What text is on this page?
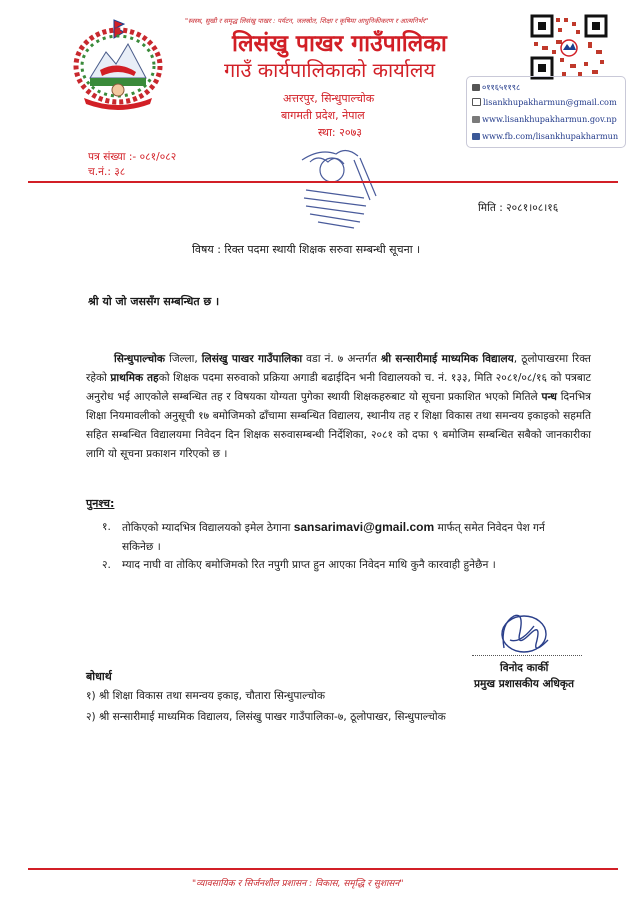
"स्वस्थ, सुखी र समृद्ध लिसंखु पाखर : पर्यटन, जलस्रोत, शिक्षा र कृषिमा आधुनिकीकरण र आत्मनिर्भर"
लिसंखु पाखर गाउँपालिका
गाउँ कार्यपालिकाको कार्यालय
अत्तरपुर, सिन्धुपाल्चोक
बागमती प्रदेश, नेपाल
स्था: २०७३
०११६५११९८
lisankhupakharmun@gmail.com
www.lisankhupakharmun.gov.np
www.fb.com/lisankhupakharmun
पत्र संख्या :- ०८१/०८२
च.नं.: ३८
मिति : २०८१।०८।१६
विषय : रिक्त पदमा स्थायी शिक्षक सरुवा सम्बन्धी सूचना ।
श्री यो जो जससँग सम्बन्धित छ ।
सिन्धुपाल्चोक जिल्ला, लिसंखु पाखर गाउँपालिका वडा नं. ७ अन्तर्गत श्री सन्सारीमाई माध्यमिक विद्यालय, ठूलोपाखरमा रिक्त रहेको प्राथमिक तहको शिक्षक पदमा सरुवाको प्रक्रिया अगाडी बढाईदिन भनी विद्यालयको च. नं. १३३, मिति २०८१/०८/१६ को पत्रबाट अनुरोध भई आएकोले सम्बन्धित तह र विषयका योग्यता पुगेका स्थायी शिक्षकहरुबाट यो सूचना प्रकाशित भएको मितिले पन्ध दिनभित्र शिक्षा नियमावलीको अनुसूची १७ बमोजिमको ढाँचामा सम्बन्धित विद्यालय, स्थानीय तह र शिक्षा विकास तथा समन्वय इकाइको सहमति सहित सम्बन्धित विद्यालयमा निवेदन दिन शिक्षक सरुवासम्बन्धी निर्देशिका, २०८१ को दफा ९ बमोजिम सम्बन्धित सबैको जानकारीका लागि यो सूचना प्रकाशन गरिएको छ ।
पुनश्च:
१. तोकिएको म्यादभित्र विद्यालयको इमेल ठेगाना sansarimavi@gmail.com मार्फत् समेत निवेदन पेश गर्न सकिनेछ ।
२. म्याद नाघी वा तोकिए बमोजिमको रित नपुगी प्राप्त हुन आएका निवेदन माथि कुनै कारवाही हुनेछैन ।
विनोद कार्की
प्रमुख प्रशासकीय अधिकृत
बोधार्थ
१) श्री शिक्षा विकास तथा समन्वय इकाइ, चौतारा सिन्धुपाल्चोक
२) श्री सन्सारीमाई माध्यमिक विद्यालय, लिसंखु पाखर गाउँपालिका-७, ठूलोपाखर, सिन्धुपाल्चोक
"व्यावसायिक र सिर्जनशील प्रशासन : विकास, समृद्धि र सुशासन"
